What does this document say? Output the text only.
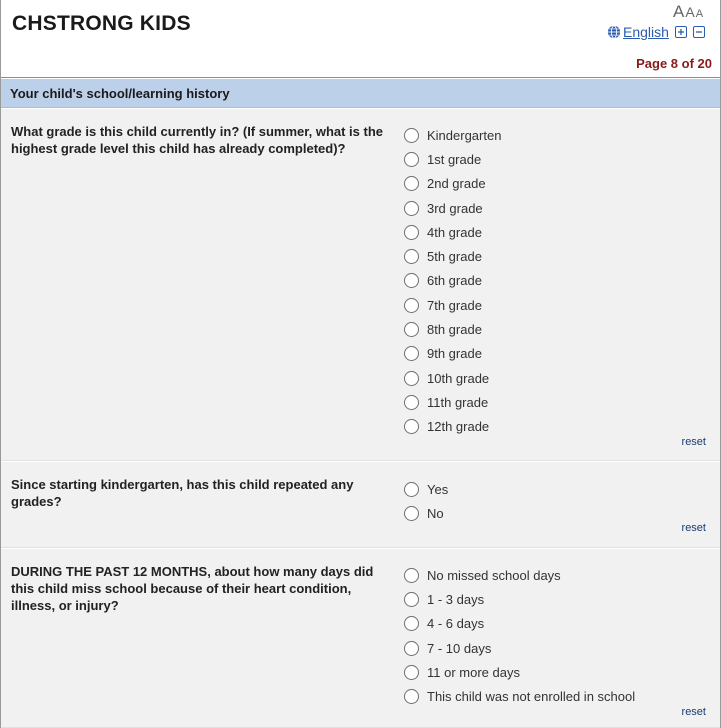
CHSTRONG KIDS
AAA
English
Page 8 of 20
Your child's school/learning history
What grade is this child currently in? (If summer, what is the highest grade level this child has already completed)?
Kindergarten
1st grade
2nd grade
3rd grade
4th grade
5th grade
6th grade
7th grade
8th grade
9th grade
10th grade
11th grade
12th grade
reset
Since starting kindergarten, has this child repeated any grades?
Yes
No
reset
DURING THE PAST 12 MONTHS, about how many days did this child miss school because of their heart condition, illness, or injury?
No missed school days
1 - 3 days
4 - 6 days
7 - 10 days
11 or more days
This child was not enrolled in school
reset
